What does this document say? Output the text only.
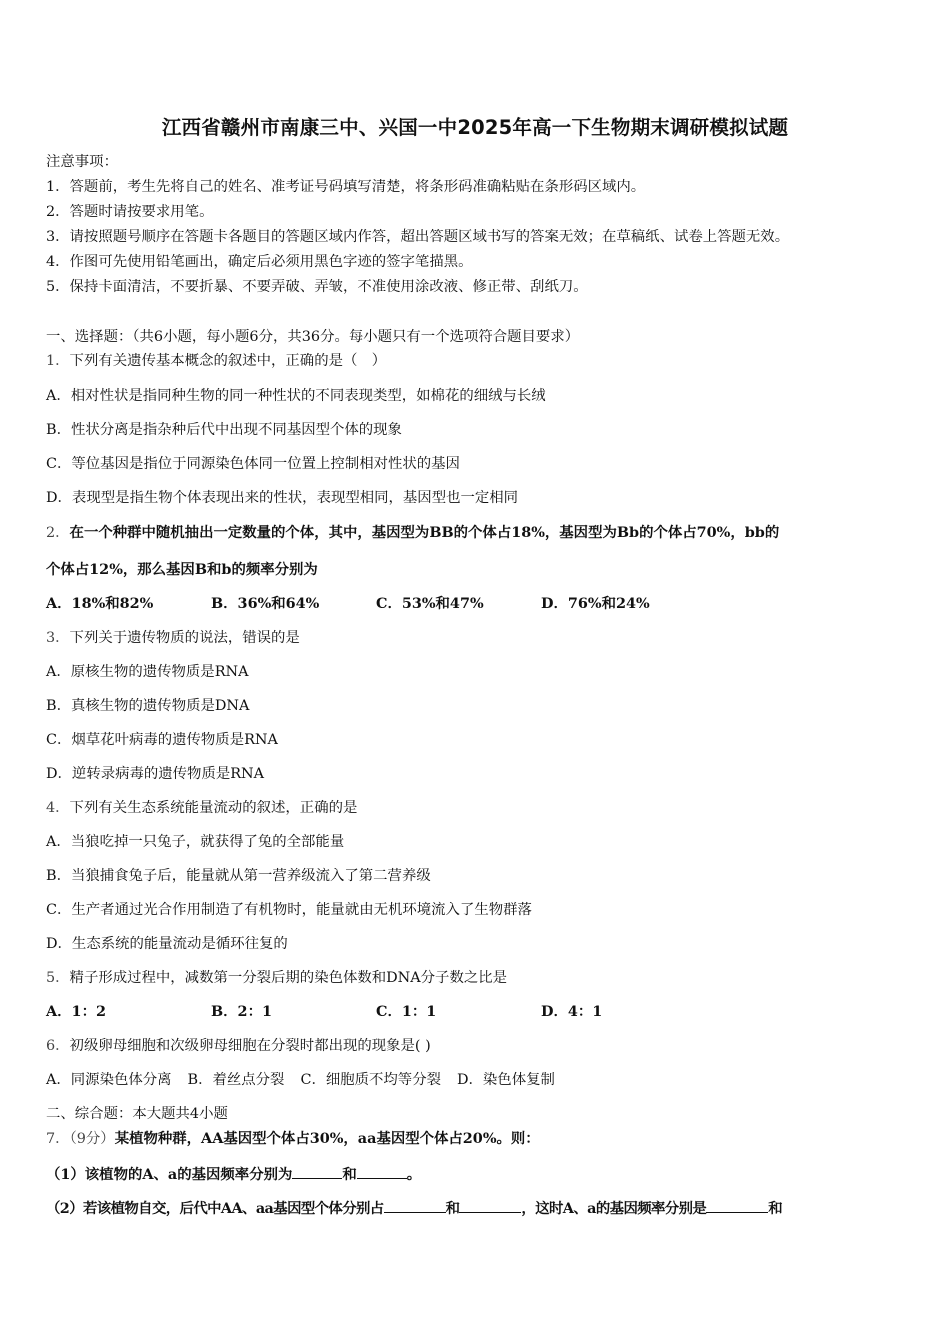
江西省赣州市南康三中、兴国一中2025年高一下生物期末调研模拟试题
注意事项：
1．答题前，考生先将自己的姓名、准考证号码填写清楚，将条形码准确粘贴在条形码区域内。
2．答题时请按要求用笔。
3．请按照题号顺序在答题卡各题目的答题区域内作答，超出答题区域书写的答案无效；在草稿纸、试卷上答题无效。
4．作图可先使用铅笔画出，确定后必须用黑色字迹的签字笔描黑。
5．保持卡面清洁，不要折暴、不要弄破、弄皱，不准使用涂改液、修正带、刮纸刀。
一、选择题：（共6小题，每小题6分，共36分。每小题只有一个选项符合题目要求）
1．下列有关遗传基本概念的叙述中，正确的是（　）
A．相对性状是指同种生物的同一种性状的不同表现类型，如棉花的细绒与长绒
B．性状分离是指杂种后代中出现不同基因型个体的现象
C．等位基因是指位于同源染色体同一位置上控制相对性状的基因
D．表现型是指生物个体表现出来的性状，表现型相同，基因型也一定相同
2．在一个种群中随机抽出一定数量的个体，其中，基因型为BB的个体占18%，基因型为Bb的个体占70%，bb的
个体占12%，那么基因B和b的频率分别为
A．18%和82%	B．36%和64%	C．53%和47%	D．76%和24%
3．下列关于遗传物质的说法，错误的是
A．原核生物的遗传物质是RNA
B．真核生物的遗传物质是DNA
C．烟草花叶病毒的遗传物质是RNA
D．逆转录病毒的遗传物质是RNA
4．下列有关生态系统能量流动的叙述，正确的是
A．当狼吃掉一只兔子，就获得了兔的全部能量
B．当狼捕食兔子后，能量就从第一营养级流入了第二营养级
C．生产者通过光合作用制造了有机物时，能量就由无机环境流入了生物群落
D．生态系统的能量流动是循环往复的
5．精子形成过程中，减数第一分裂后期的染色体数和DNA分子数之比是
A．1：2	B．2：1	C．1：1	D．4：1
6．初级卵母细胞和次级卵母细胞在分裂时都出现的现象是( )
A．同源染色体分离 B．着丝点分裂 C．细胞质不均等分裂 D．染色体复制
二、综合题：本大题共4小题
7．（9分）某植物种群，AA基因型个体占30%，aa基因型个体占20%。则：
（1）该植物的A、a的基因频率分别为	和	。
（2）若该植物自交，后代中AA、aa基因型个体分别占	和	，这时A、a的基因频率分别是	和
